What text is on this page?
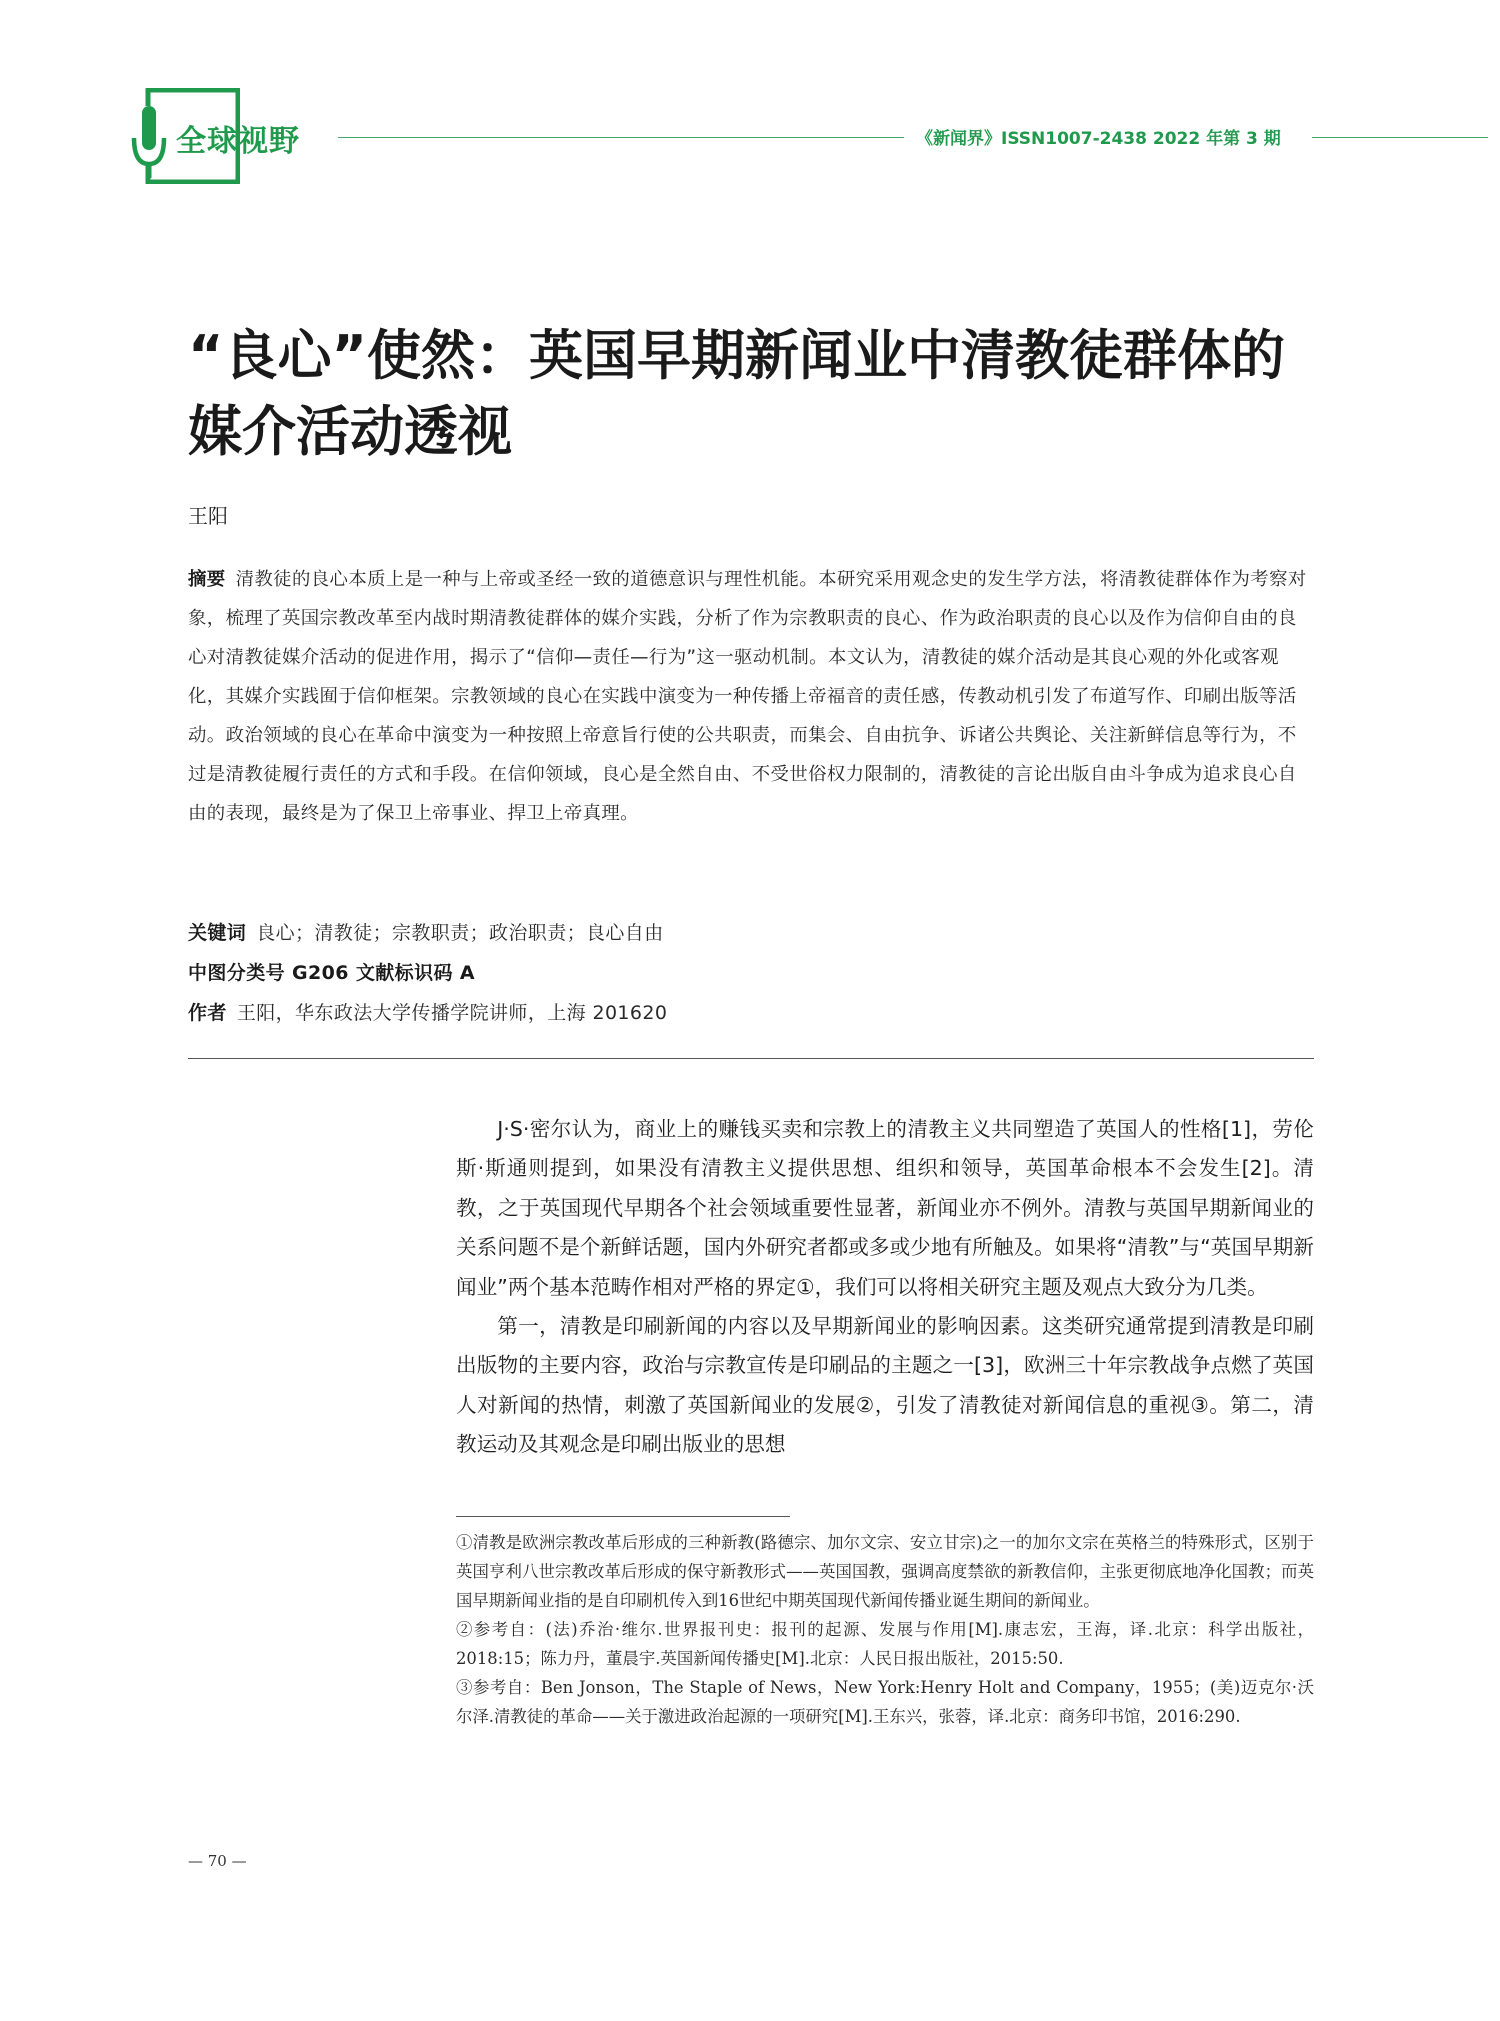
全球视野	《新闻界》ISSN1007-2438 2022 年第 3 期
“良心”使然：英国早期新闻业中清教徒群体的媒介活动透视
王阳

摘要 清教徒的良心本质上是一种与上帝或圣经一致的道德意识与理性机能。本研究采用观念史的发生学方法，将清教徒群体作为考察对象，梳理了英国宗教改革至内战时期清教徒群体的媒介实践，分析了作为宗教职责的良心、作为政治职责的良心以及作为信仰自由的良心对清教徒媒介活动的促进作用，揭示了“信仰—责任—行为”这一驱动机制。本文认为，清教徒的媒介活动是其良心观的外化或客观化，其媒介实践囿于信仰框架。宗教领域的良心在实践中演变为一种传播上帝福音的责任感，传教动机引发了布道写作、印刷出版等活动。政治领域的良心在革命中演变为一种按照上帝意旨行使的公共职责，而集会、自由抗争、诉诸公共舆论、关注新鲜信息等行为，不过是清教徒履行责任的方式和手段。在信仰领域，良心是全然自由、不受世俗权力限制的，清教徒的言论出版自由斗争成为追求良心自由的表现，最终是为了保卫上帝事业、捍卫上帝真理。

关键词 良心；清教徒；宗教职责；政治职责；良心自由
中图分类号 G206 文献标识码 A
作者 王阳，华东政法大学传播学院讲师，上海 201620

J·S·密尔认为，商业上的赚钱买卖和宗教上的清教主义共同塑造了英国人的性格[1]，劳伦斯·斯通则提到，如果没有清教主义提供思想、组织和领导，英国革命根本不会发生[2]。清教，之于英国现代早期各个社会领域重要性显著，新闻业亦不例外。清教与英国早期新闻业的关系问题不是个新鲜话题，国内外研究者都或多或少地有所触及。如果将“清教”与“英国早期新闻业”两个基本范畴作相对严格的界定①，我们可以将相关研究主题及观点大致分为几类。

第一，清教是印刷新闻的内容以及早期新闻业的影响因素。这类研究通常提到清教是印刷出版物的主要内容，政治与宗教宣传是印刷品的主题之一[3]，欧洲三十年宗教战争点燃了英国人对新闻的热情，刺激了英国新闻业的发展②，引发了清教徒对新闻信息的重视③。第二，清教运动及其观念是印刷出版业的思想

①清教是欧洲宗教改革后形成的三种新教(路德宗、加尔文宗、安立甘宗)之一的加尔文宗在英格兰的特殊形式，区别于英国亨利八世宗教改革后形成的保守新教形式——英国国教，强调高度禁欲的新教信仰，主张更彻底地净化国教；而英国早期新闻业指的是自印刷机传入到16世纪中期英国现代新闻传播业诞生期间的新闻业。

②参考自：(法)乔治·维尔.世界报刊史：报刊的起源、发展与作用[M].康志宏，王海，译.北京：科学出版社，2018:15；陈力丹，董晨宇.英国新闻传播史[M].北京：人民日报出版社，2015:50.

③参考自：Ben Jonson，The Staple of News，New York:Henry Holt and Company，1955；(美)迈克尔·沃尔泽.清教徒的革命——关于激进政治起源的一项研究[M].王东兴，张蓉，译.北京：商务印书馆，2016:290.

— 70 —
